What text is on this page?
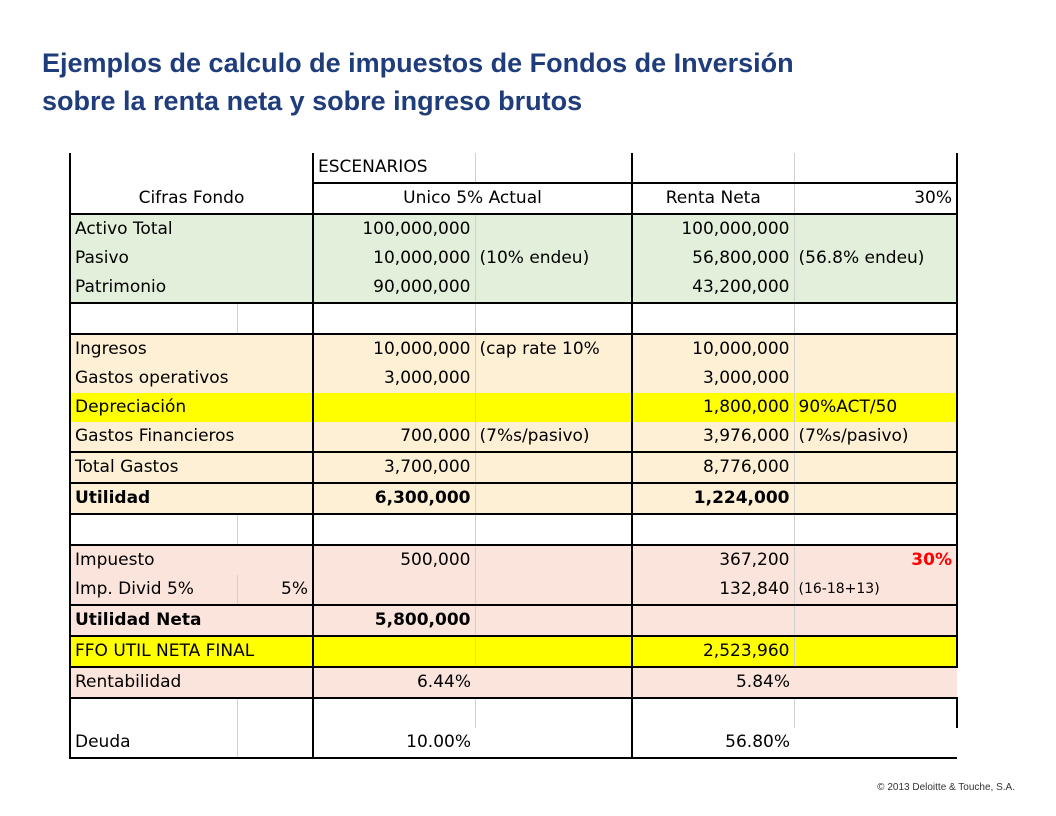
Ejemplos de calculo de impuestos de Fondos de Inversión
sobre la renta neta y sobre ingreso brutos
		ESCENARIOS			
Cifras Fondo		Unico 5% Actual		Renta Neta	30%
Activo Total		100,000,000		100,000,000	
Pasivo		10,000,000	(10% endeu)	56,800,000	(56.8% endeu)
Patrimonio		90,000,000		43,200,000	

Ingresos		10,000,000	(cap rate 10%	10,000,000	
Gastos operativos		3,000,000		3,000,000	
Depreciación				1,800,000	90%ACT/50
Gastos Financieros		700,000	(7%s/pasivo)	3,976,000	(7%s/pasivo)
Total Gastos		3,700,000		8,776,000	
Utilidad		6,300,000		1,224,000	

Impuesto		500,000		367,200	30%
Imp. Divid 5%	5%			132,840	(16-18+13)
Utilidad Neta		5,800,000			
FFO UTIL NETA FINAL				2,523,960	
Rentabilidad		6.44%		5.84%	

Deuda		10.00%		56.80%	
© 2013 Deloitte & Touche, S.A.
